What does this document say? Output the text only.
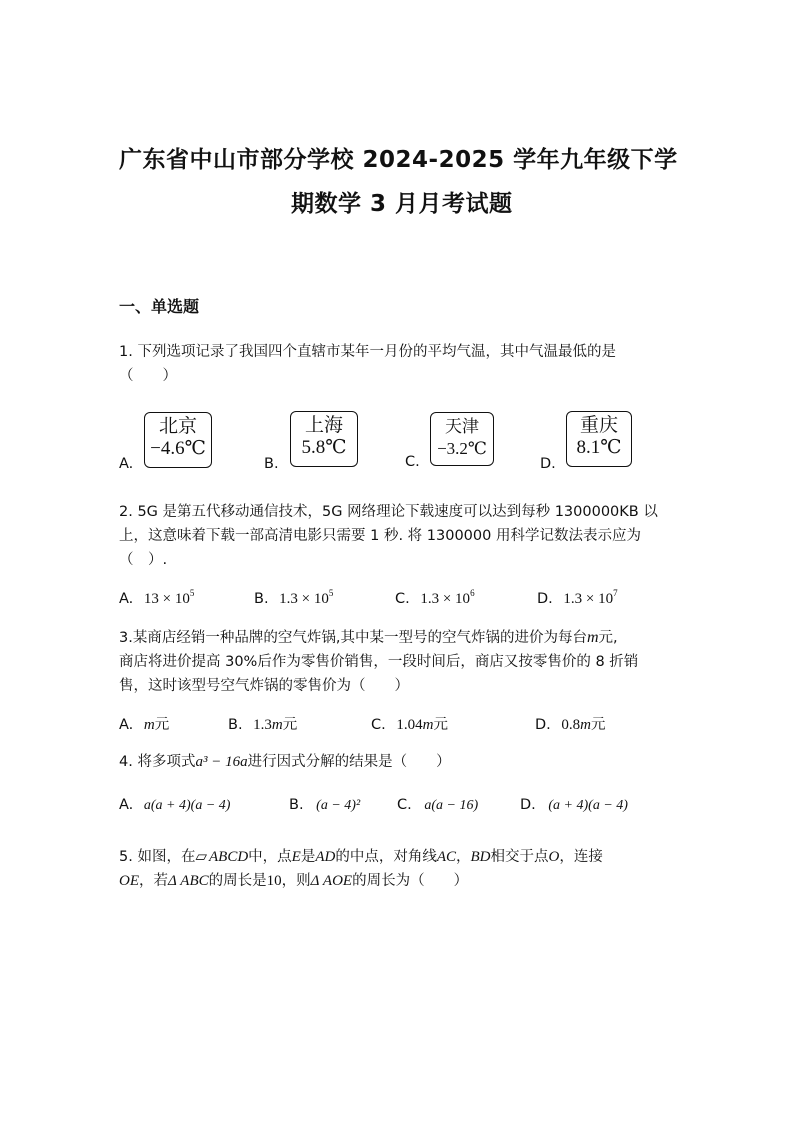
广东省中山市部分学校 2024-2025 学年九年级下学
期数学 3 月月考试题
一、单选题
1. 下列选项记录了我国四个直辖市某年一月份的平均气温，其中气温最低的是
（　　）
A.
北京
−4.6℃
B.
上海
5.8℃
C.
天津
−3.2℃
D.
重庆
8.1℃
2. 5G 是第五代移动通信技术，5G 网络理论下载速度可以达到每秒 1300000KB 以
上，这意味着下载一部高清电影只需要 1 秒. 将 1300000 用科学记数法表示应为
（　）.
A. $13 \times 10^5$	B. $1.3 \times 10^5$	C. $1.3 \times 10^6$	D. $1.3 \times 10^7$
3.某商店经销一种品牌的空气炸锅,其中某一型号的空气炸锅的进价为每台m元,
商店将进价提高 30%后作为零售价销售，一段时间后，商店又按零售价的 8 折销
售，这时该型号空气炸锅的零售价为（　　）
A. m元	B. 1.3m元	C. 1.04m元	D. 0.8m元
4. 将多项式a³ − 16a进行因式分解的结果是（　　）
A. a(a + 4)(a − 4)	B. (a − 4)²	C. a(a − 16)	D. (a + 4)(a − 4)
5. 如图，在▱ ABCD中，点E是AD的中点，对角线AC，BD相交于点O，连接
OE，若Δ ABC的周长是10，则Δ AOE的周长为（　　）
